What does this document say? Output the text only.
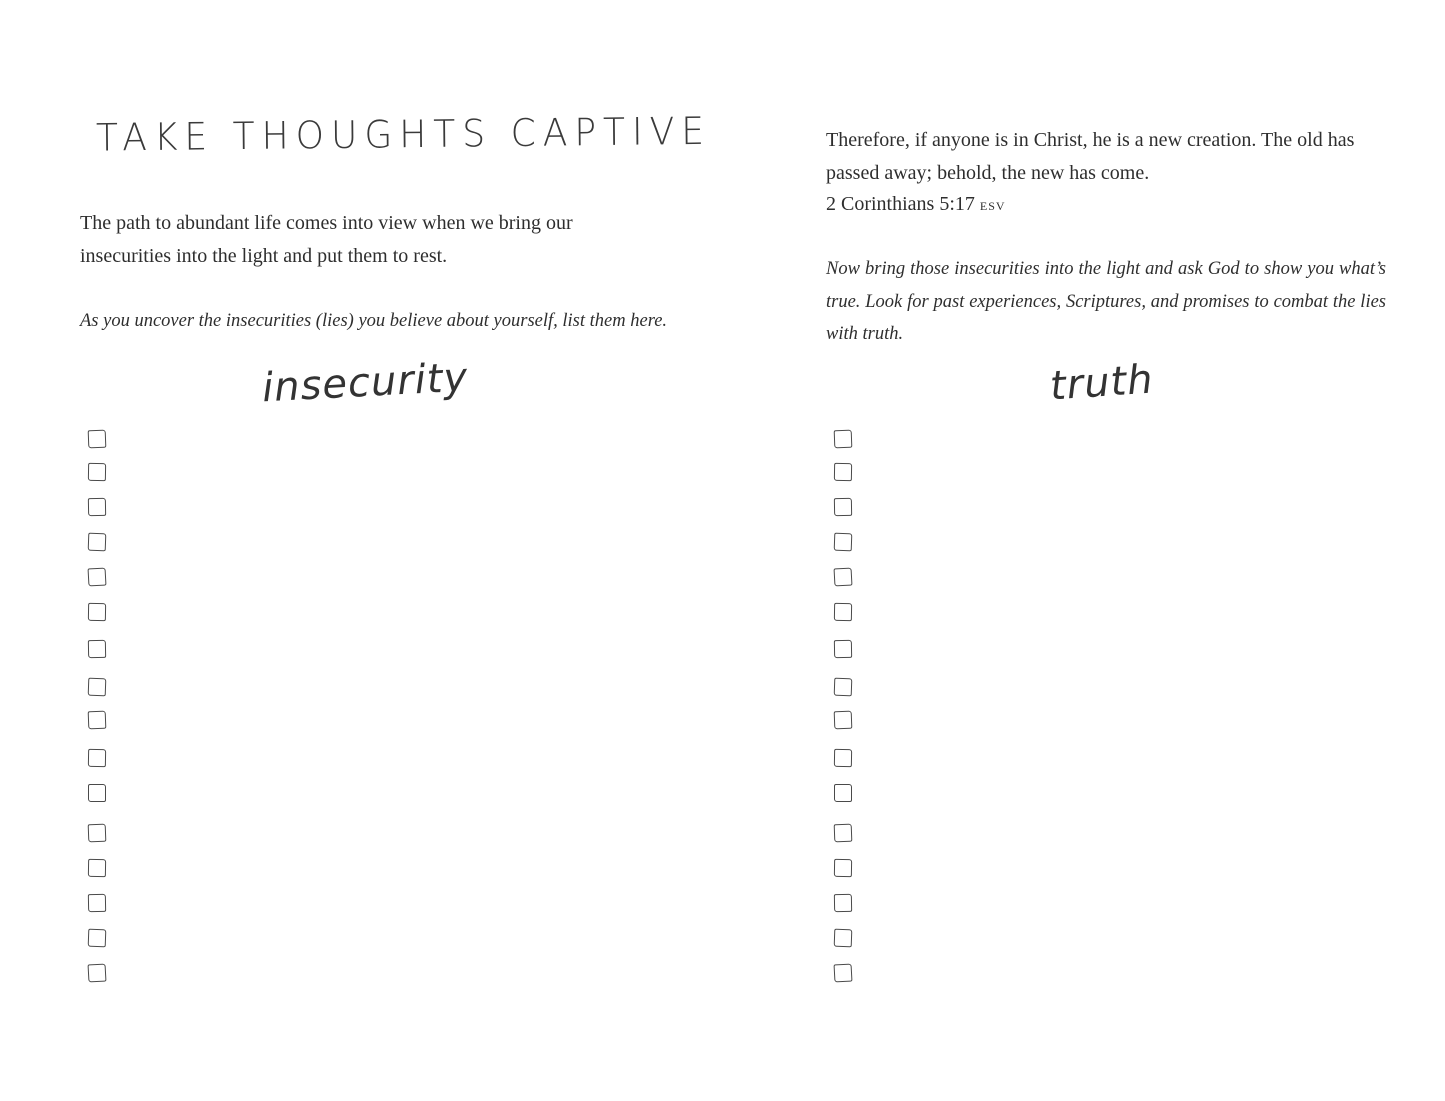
TAKE THOUGHTS CAPTIVE

The path to abundant life comes into view when we bring our insecurities into the light and put them to rest.

As you uncover the insecurities (lies) you believe about yourself, list them here.

insecurity

Therefore, if anyone is in Christ, he is a new creation. The old has passed away; behold, the new has come.

2 Corinthians 5:17 esv

Now bring those insecurities into the light and ask God to show you what’s true. Look for past experiences, Scriptures, and promises to combat the lies with truth.

truth
